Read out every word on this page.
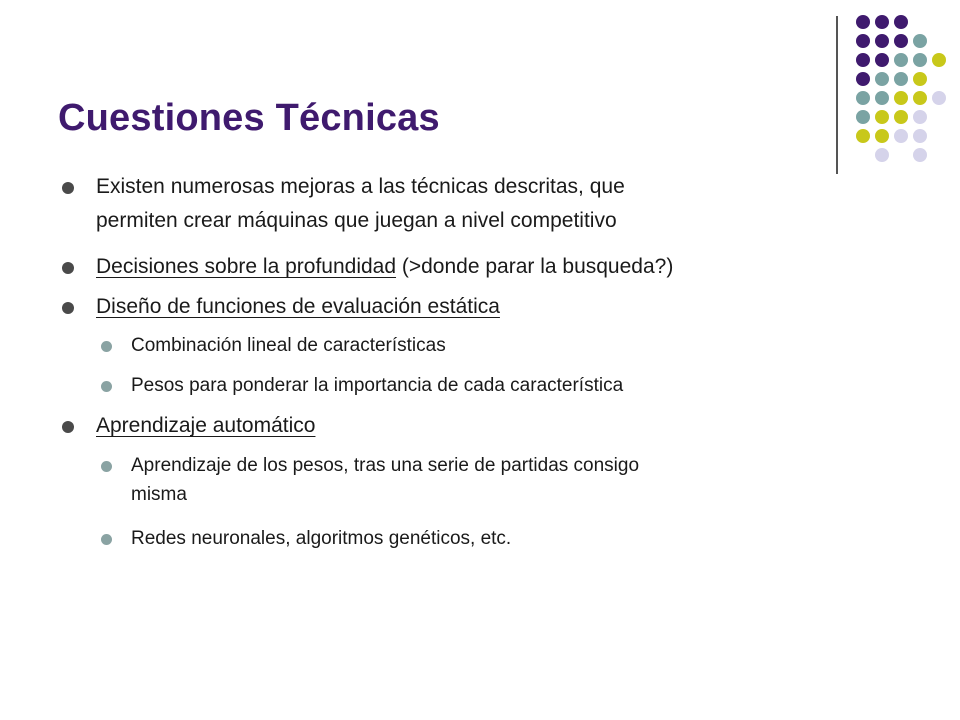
Cuestiones Técnicas
Existen numerosas mejoras a las técnicas descritas, que
permiten crear máquinas que juegan a nivel competitivo
Decisiones sobre la profundidad (>donde parar la busqueda?)
Diseño de funciones de evaluación estática
Combinación lineal de características
Pesos para ponderar la importancia de cada característica
Aprendizaje automático
Aprendizaje de los pesos, tras una serie de partidas consigo
misma
Redes neuronales, algoritmos genéticos, etc.
